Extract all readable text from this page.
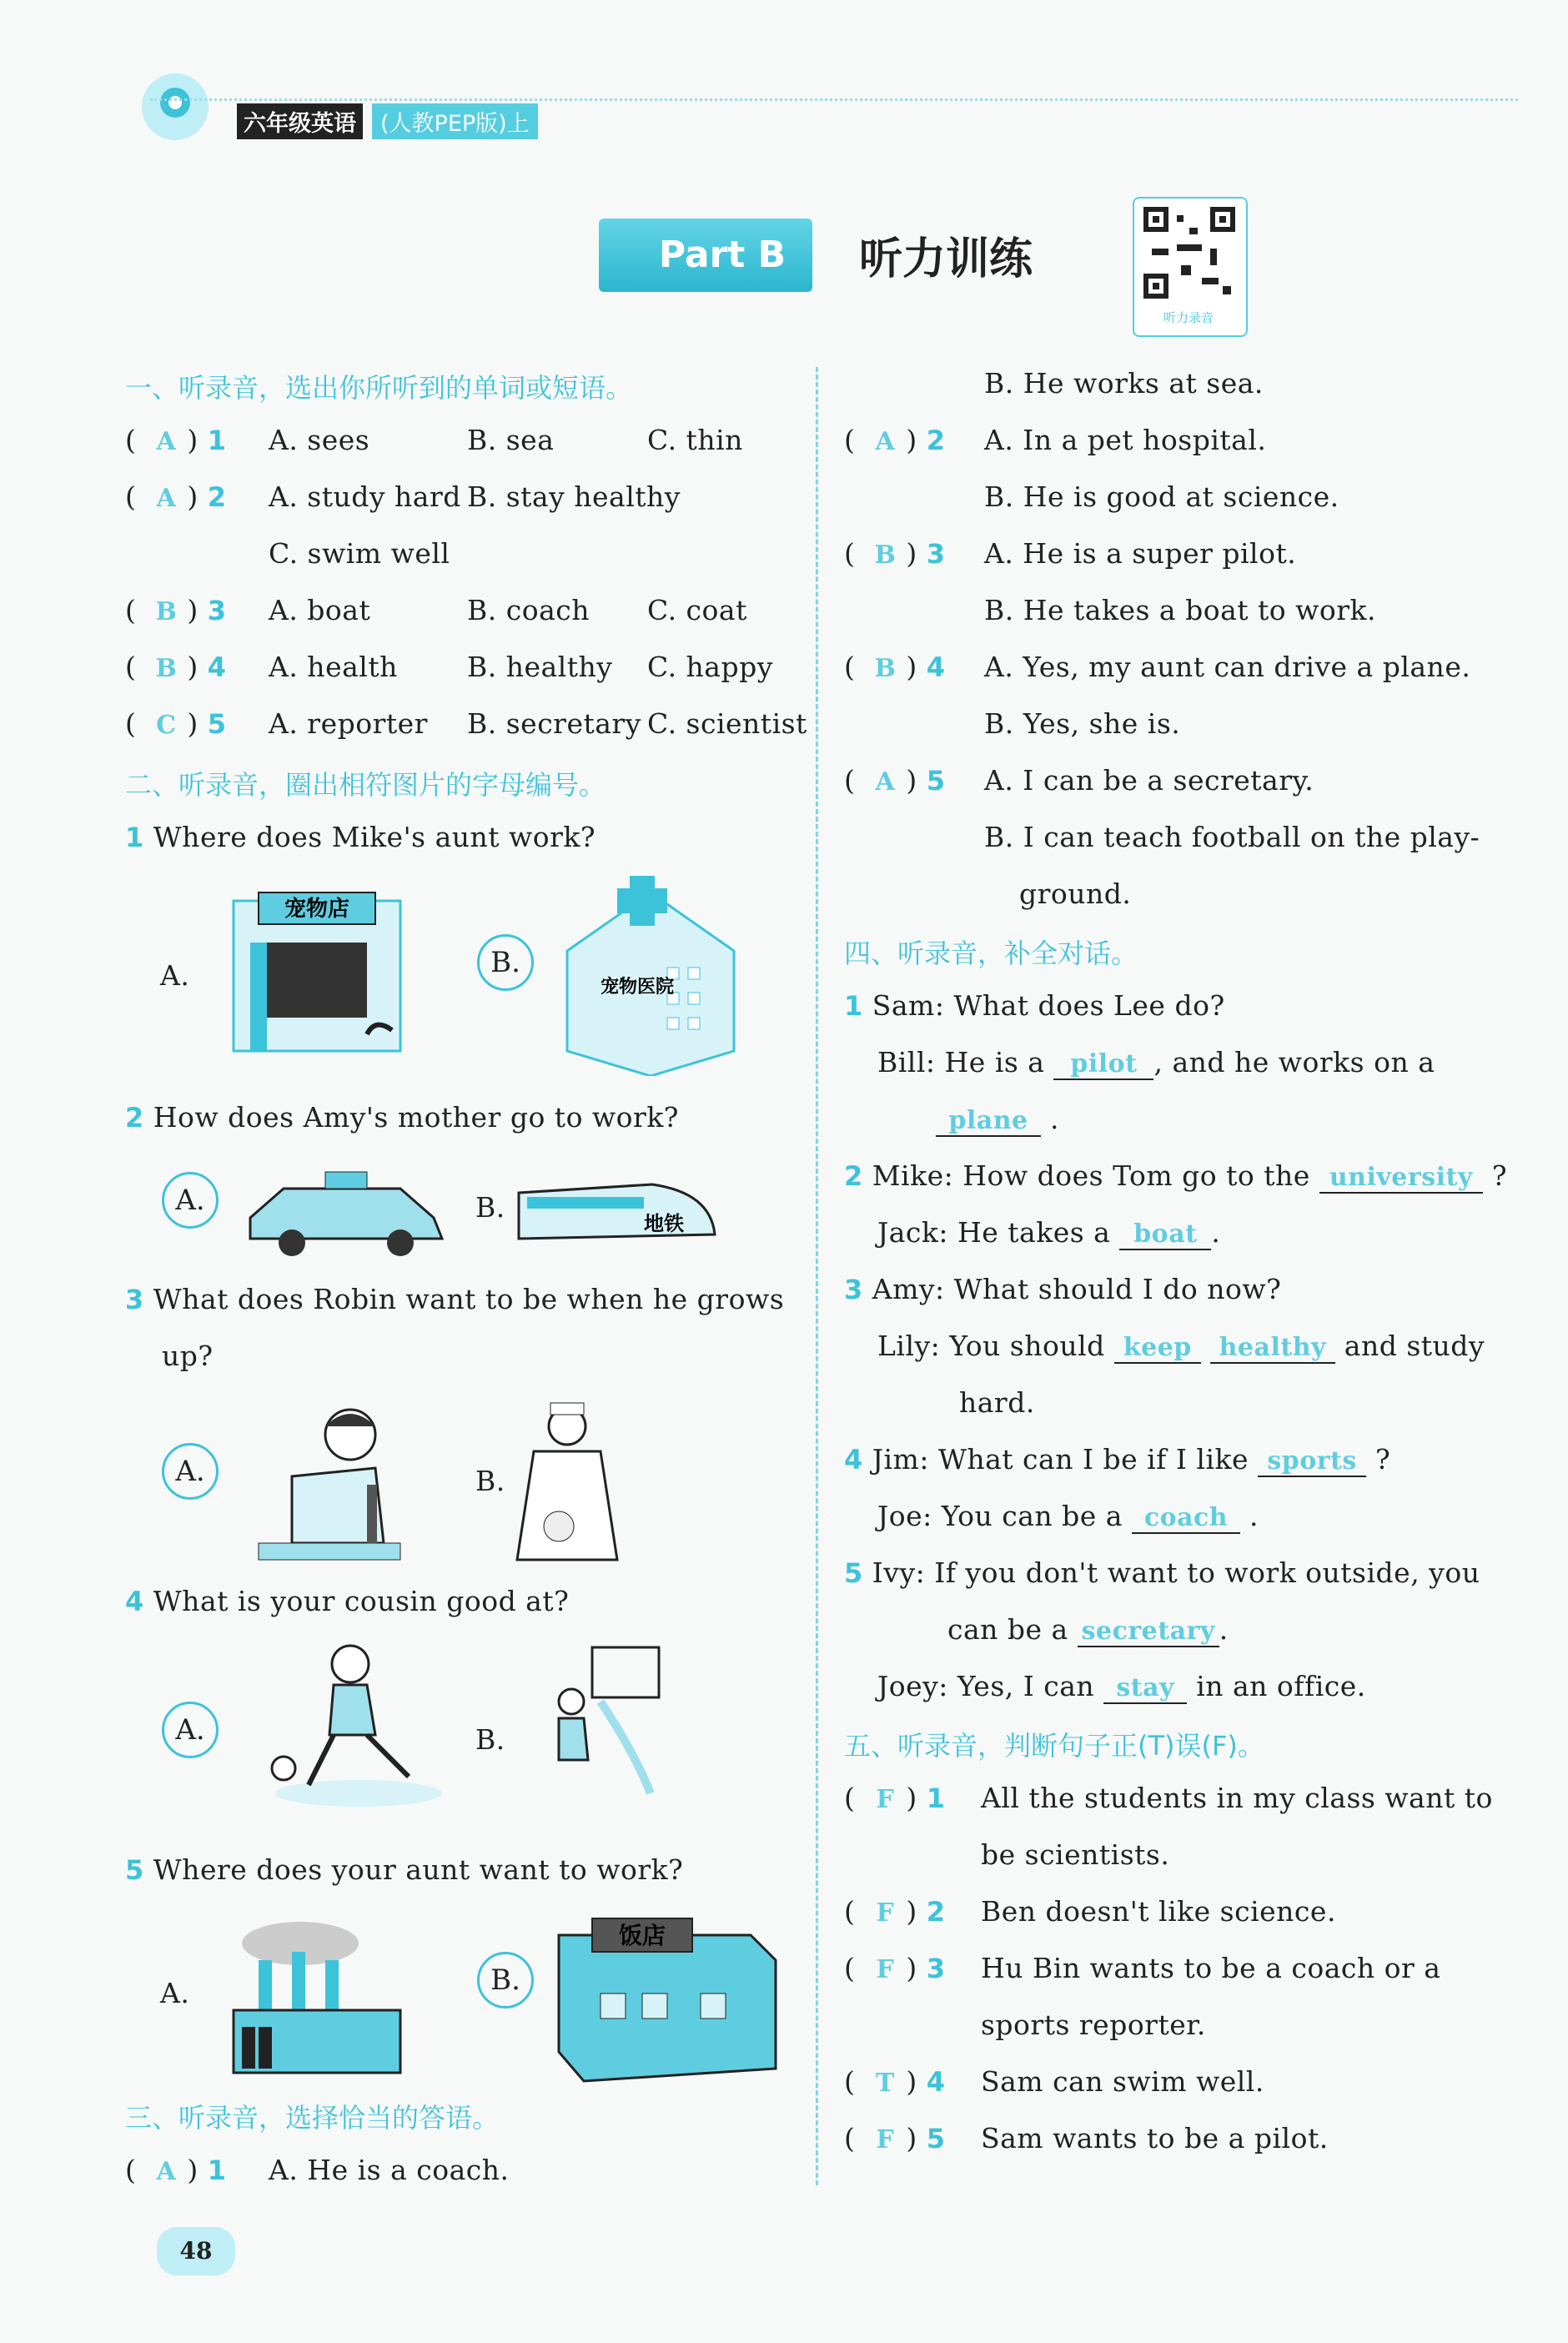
六年级英语	(人教PEP版)上
Part B	听力训练
听力录音
一、听录音，选出你所听到的单词或短语。
( A ) 1 A. sees	B. sea	C. thin
( A ) 2 A. study hard B. stay healthy
C. swim well
( B ) 3 A. boat	B. coach C. coat
( B ) 4 A. health	B. healthy C. happy
( C ) 5 A. reporter B. secretary C. scientist
二、听录音，圈出相符图片的字母编号。
1 Where does Mike's aunt work?
A.
宠物店
B.
宠物医院
2 How does Amy's mother go to work?
A.	B.	地铁
3 What does Robin want to be when he grows
up?
A.	B.
4 What is your cousin good at?
A.	B.
5 Where does your aunt want to work?
A.	B.
饭店
三、听录音，选择恰当的答语。
( A ) 1 A. He is a coach.
B. He works at sea.
( A ) 2 A. In a pet hospital.
B. He is good at science.
( B ) 3 A. He is a super pilot.
B. He takes a boat to work.
( B ) 4 A. Yes, my aunt can drive a plane.
B. Yes, she is.
( A ) 5 A. I can be a secretary.
B. I can teach football on the play-
ground.
四、听录音，补全对话。
1 Sam: What does Lee do?
Bill: He is a pilot , and he works on a
plane .
2 Mike: How does Tom go to the university ?
Jack: He takes a boat .
3 Amy: What should I do now?
Lily: You should keep healthy and study
hard.
4 Jim: What can I be if I like sports ?
Joe: You can be a coach .
5 Ivy: If you don't want to work outside, you
can be a secretary .
Joey: Yes, I can stay in an office.
五、听录音，判断句子正(T)误(F)。
( F ) 1 All the students in my class want to
be scientists.
( F ) 2 Ben doesn't like science.
( F ) 3 Hu Bin wants to be a coach or a
sports reporter.
( T ) 4 Sam can swim well.
( F ) 5 Sam wants to be a pilot.
48
